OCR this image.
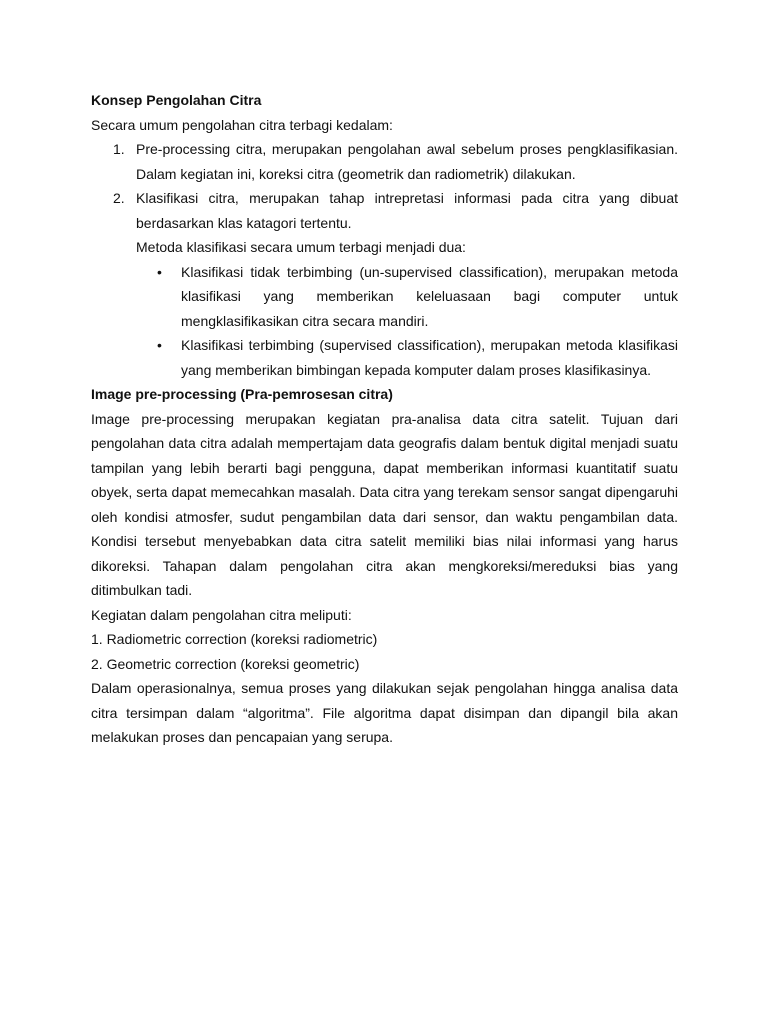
Konsep Pengolahan Citra
Secara umum pengolahan citra terbagi kedalam:
1. Pre-processing citra, merupakan pengolahan awal sebelum proses pengklasifikasian. Dalam kegiatan ini, koreksi citra (geometrik dan radiometrik) dilakukan.
2. Klasifikasi citra, merupakan tahap intrepretasi informasi pada citra yang dibuat berdasarkan klas katagori tertentu.
Metoda klasifikasi secara umum terbagi menjadi dua:
• Klasifikasi tidak terbimbing (un-supervised classification), merupakan metoda klasifikasi yang memberikan keleluasaan bagi computer untuk mengklasifikasikan citra secara mandiri.
• Klasifikasi terbimbing (supervised classification), merupakan metoda klasifikasi yang memberikan bimbingan kepada komputer dalam proses klasifikasinya.
Image pre-processing (Pra-pemrosesan citra)
Image pre-processing merupakan kegiatan pra-analisa data citra satelit. Tujuan dari pengolahan data citra adalah mempertajam data geografis dalam bentuk digital menjadi suatu tampilan yang lebih berarti bagi pengguna, dapat memberikan informasi kuantitatif suatu obyek, serta dapat memecahkan masalah. Data citra yang terekam sensor sangat dipengaruhi oleh kondisi atmosfer, sudut pengambilan data dari sensor, dan waktu pengambilan data. Kondisi tersebut menyebabkan data citra satelit memiliki bias nilai informasi yang harus dikoreksi. Tahapan dalam pengolahan citra akan mengkoreksi/mereduksi bias yang ditimbulkan tadi.
Kegiatan dalam pengolahan citra meliputi:
1. Radiometric correction (koreksi radiometric)
2. Geometric correction (koreksi geometric)
Dalam operasionalnya, semua proses yang dilakukan sejak pengolahan hingga analisa data citra tersimpan dalam “algoritma”. File algoritma dapat disimpan dan dipangil bila akan melakukan proses dan pencapaian yang serupa.
